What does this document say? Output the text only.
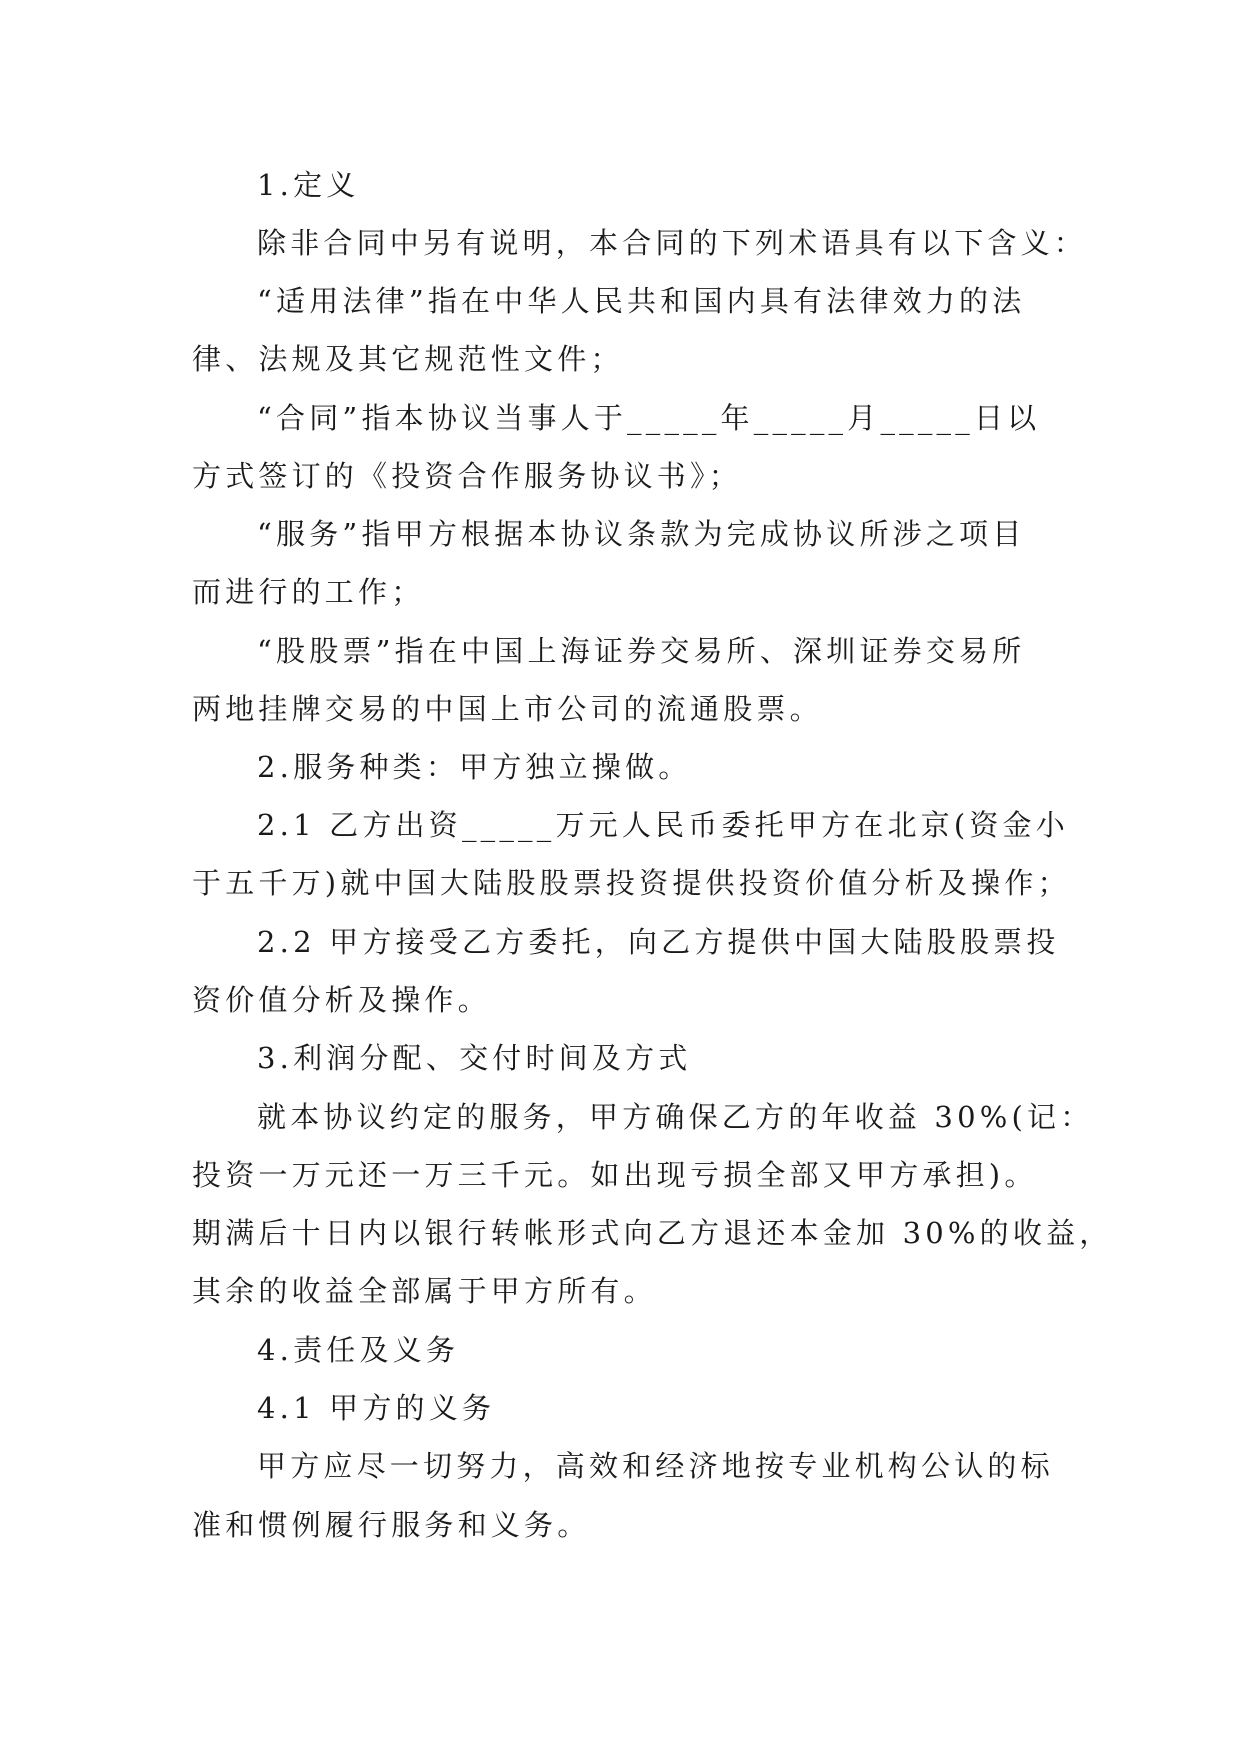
1.定义
除非合同中另有说明，本合同的下列术语具有以下含义：
“适用法律”指在中华人民共和国内具有法律效力的法
律、法规及其它规范性文件；
“合同”指本协议当事人于_____年_____月_____日以
方式签订的《投资合作服务协议书》；
“服务”指甲方根据本协议条款为完成协议所涉之项目
而进行的工作；
“股股票”指在中国上海证券交易所、深圳证券交易所
两地挂牌交易的中国上市公司的流通股票。
2.服务种类：甲方独立操做。
2.1 乙方出资_____万元人民币委托甲方在北京(资金小
于五千万)就中国大陆股股票投资提供投资价值分析及操作；
2.2 甲方接受乙方委托，向乙方提供中国大陆股股票投
资价值分析及操作。
3.利润分配、交付时间及方式
就本协议约定的服务，甲方确保乙方的年收益 30%(记：
投资一万元还一万三千元。如出现亏损全部又甲方承担)。
期满后十日内以银行转帐形式向乙方退还本金加 30%的收益，
其余的收益全部属于甲方所有。
4.责任及义务
4.1 甲方的义务
甲方应尽一切努力，高效和经济地按专业机构公认的标
准和惯例履行服务和义务。
